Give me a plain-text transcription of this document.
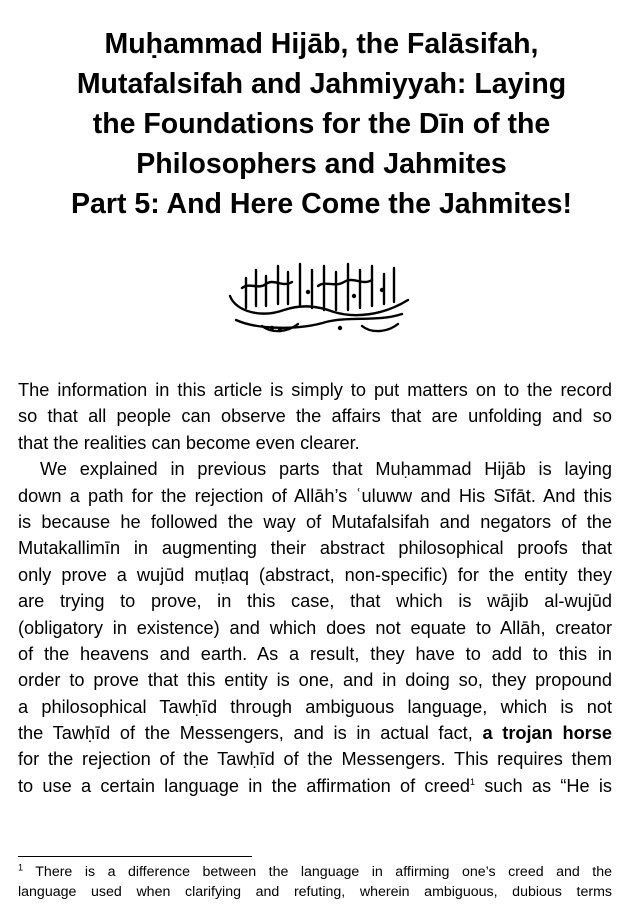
Muḥammad Hijāb, the Falāsifah,
Mutafalsifah and Jahmiyyah: Laying
the Foundations for the Dīn of the
Philosophers and Jahmites
Part 5: And Here Come the Jahmites!
The information in this article is simply to put matters on to the record
so that all people can observe the affairs that are unfolding and so
that the realities can become even clearer.
We explained in previous parts that Muḥammad Hijāb is laying
down a path for the rejection of Allāh’s ʿuluww and His Sīfāt. And this
is because he followed the way of Mutafalsifah and negators of the
Mutakallimīn in augmenting their abstract philosophical proofs that
only prove a wujūd muṭlaq (abstract, non-specific) for the entity they
are trying to prove, in this case, that which is wājib al-wujūd
(obligatory in existence) and which does not equate to Allāh, creator
of the heavens and earth. As a result, they have to add to this in
order to prove that this entity is one, and in doing so, they propound
a philosophical Tawḥīd through ambiguous language, which is not
the Tawḥīd of the Messengers, and is in actual fact, a trojan horse
for the rejection of the Tawḥīd of the Messengers. This requires them
to use a certain language in the affirmation of creed$^1$ such as “He is
$^1$ There is a difference between the language in affirming one’s creed and the
language used when clarifying and refuting, wherein ambiguous, dubious terms
